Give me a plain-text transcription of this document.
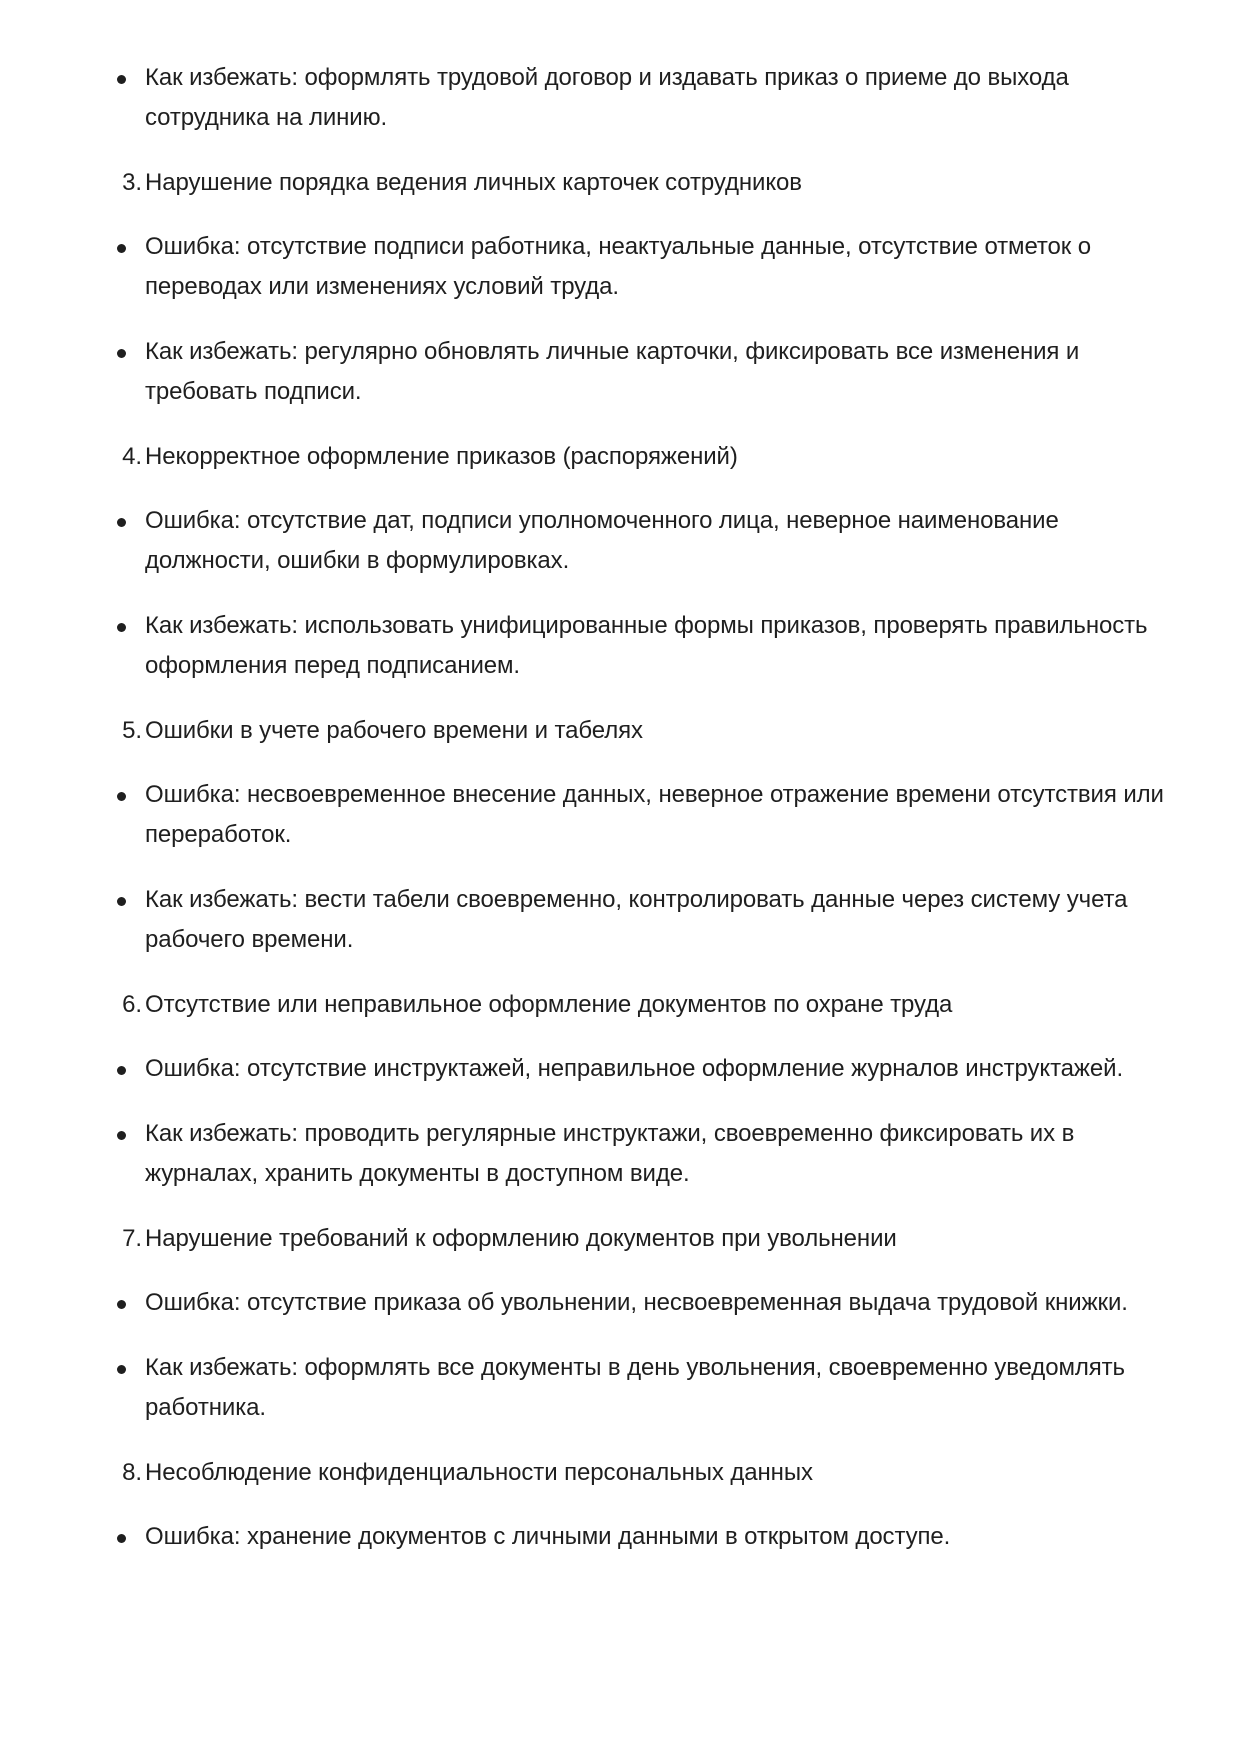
Как избежать: оформлять трудовой договор и издавать приказ о приеме до выхода сотрудника на линию.
3. Нарушение порядка ведения личных карточек сотрудников
Ошибка: отсутствие подписи работника, неактуальные данные, отсутствие отметок о переводах или изменениях условий труда.
Как избежать: регулярно обновлять личные карточки, фиксировать все изменения и требовать подписи.
4. Некорректное оформление приказов (распоряжений)
Ошибка: отсутствие дат, подписи уполномоченного лица, неверное наименование должности, ошибки в формулировках.
Как избежать: использовать унифицированные формы приказов, проверять правильность оформления перед подписанием.
5. Ошибки в учете рабочего времени и табелях
Ошибка: несвоевременное внесение данных, неверное отражение времени отсутствия или переработок.
Как избежать: вести табели своевременно, контролировать данные через систему учета рабочего времени.
6. Отсутствие или неправильное оформление документов по охране труда
Ошибка: отсутствие инструктажей, неправильное оформление журналов инструктажей.
Как избежать: проводить регулярные инструктажи, своевременно фиксировать их в журналах, хранить документы в доступном виде.
7. Нарушение требований к оформлению документов при увольнении
Ошибка: отсутствие приказа об увольнении, несвоевременная выдача трудовой книжки.
Как избежать: оформлять все документы в день увольнения, своевременно уведомлять работника.
8. Несоблюдение конфиденциальности персональных данных
Ошибка: хранение документов с личными данными в открытом доступе.
